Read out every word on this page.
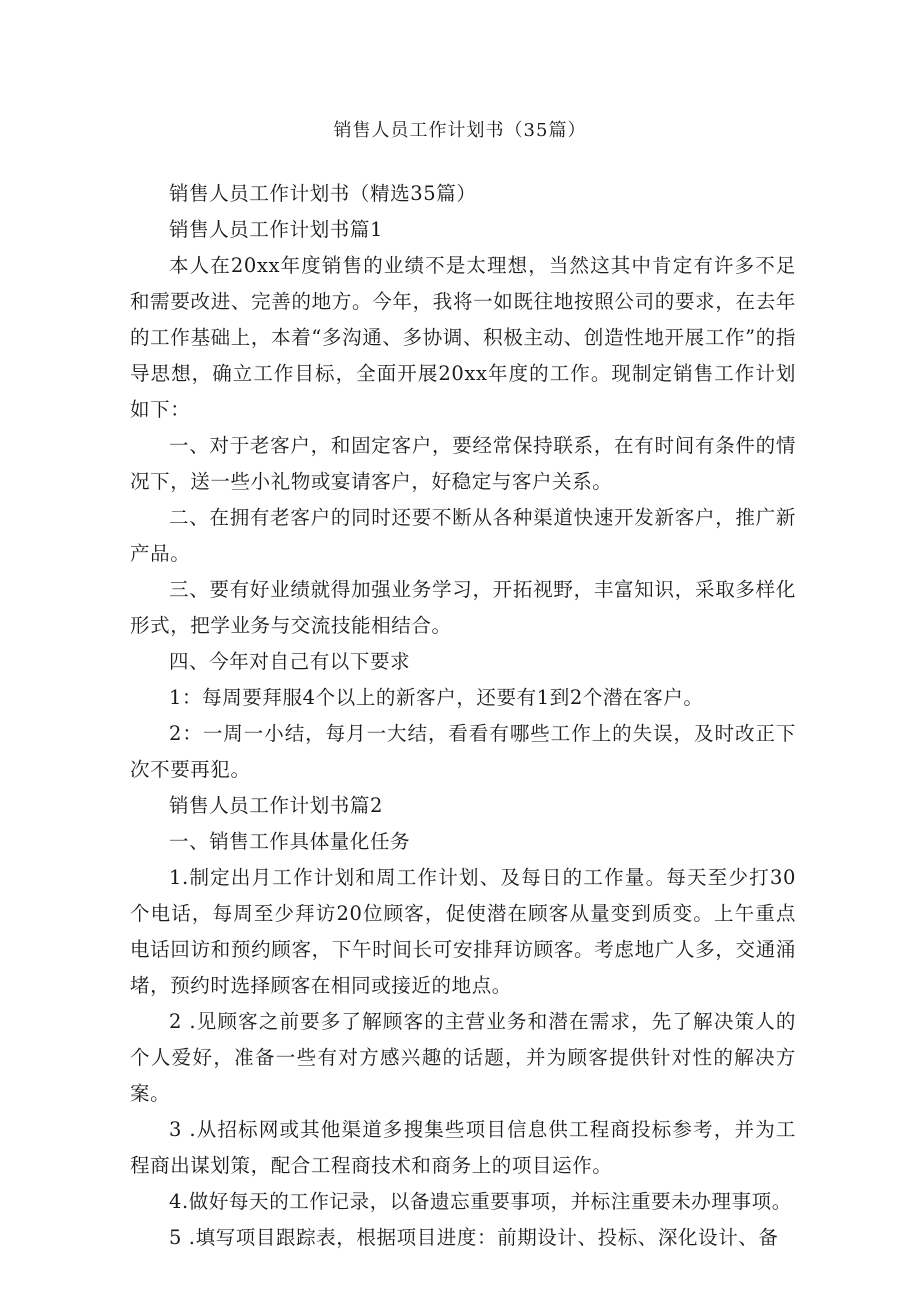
销售人员工作计划书（35篇）

销售人员工作计划书（精选35篇）

销售人员工作计划书篇1

本人在20xx年度销售的业绩不是太理想，当然这其中肯定有许多不足和需要改进、完善的地方。今年，我将一如既往地按照公司的要求，在去年的工作基础上，本着“多沟通、多协调、积极主动、创造性地开展工作”的指导思想，确立工作目标，全面开展20xx年度的工作。现制定销售工作计划如下：

一、对于老客户，和固定客户，要经常保持联系，在有时间有条件的情况下，送一些小礼物或宴请客户，好稳定与客户关系。

二、在拥有老客户的同时还要不断从各种渠道快速开发新客户，推广新产品。

三、要有好业绩就得加强业务学习，开拓视野，丰富知识，采取多样化形式，把学业务与交流技能相结合。

四、今年对自己有以下要求

1：每周要拜服4个以上的新客户，还要有1到2个潜在客户。

2：一周一小结，每月一大结，看看有哪些工作上的失误，及时改正下次不要再犯。

销售人员工作计划书篇2

一、销售工作具体量化任务

1.制定出月工作计划和周工作计划、及每日的工作量。每天至少打30个电话，每周至少拜访20位顾客，促使潜在顾客从量变到质变。上午重点电话回访和预约顾客，下午时间长可安排拜访顾客。考虑地广人多，交通涌堵，预约时选择顾客在相同或接近的地点。

2 .见顾客之前要多了解顾客的主营业务和潜在需求，先了解决策人的个人爱好，准备一些有对方感兴趣的话题，并为顾客提供针对性的解决方案。

3 .从招标网或其他渠道多搜集些项目信息供工程商投标参考，并为工程商出谋划策，配合工程商技术和商务上的项目运作。

4.做好每天的工作记录，以备遗忘重要事项，并标注重要未办理事项。

5 .填写项目跟踪表，根据项目进度：前期设计、投标、深化设计、备
